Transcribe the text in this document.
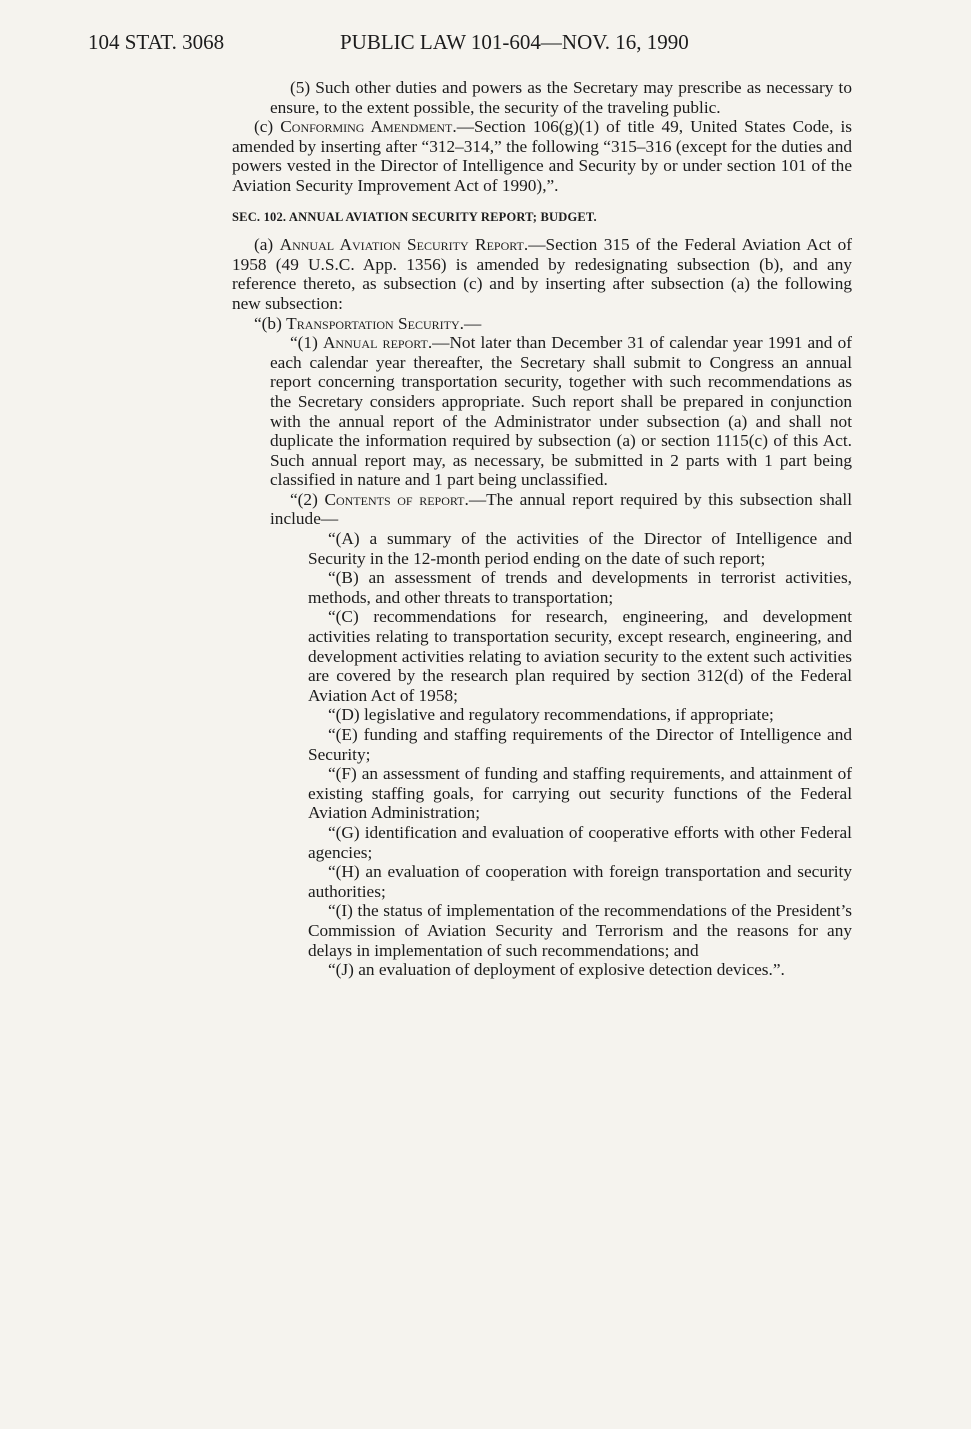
104 STAT. 3068	PUBLIC LAW 101-604—NOV. 16, 1990

(5) Such other duties and powers as the Secretary may prescribe as necessary to ensure, to the extent possible, the security of the traveling public.

(c) Conforming Amendment.—Section 106(g)(1) of title 49, United States Code, is amended by inserting after “312–314,” the following “315–316 (except for the duties and powers vested in the Director of Intelligence and Security by or under section 101 of the Aviation Security Improvement Act of 1990),”.

SEC. 102. ANNUAL AVIATION SECURITY REPORT; BUDGET.

(a) Annual Aviation Security Report.—Section 315 of the Federal Aviation Act of 1958 (49 U.S.C. App. 1356) is amended by redesignating subsection (b), and any reference thereto, as subsection (c) and by inserting after subsection (a) the following new subsection:

“(b) Transportation Security.—

“(1) Annual report.—Not later than December 31 of calendar year 1991 and of each calendar year thereafter, the Secretary shall submit to Congress an annual report concerning transportation security, together with such recommendations as the Secretary considers appropriate. Such report shall be prepared in conjunction with the annual report of the Administrator under subsection (a) and shall not duplicate the information required by subsection (a) or section 1115(c) of this Act. Such annual report may, as necessary, be submitted in 2 parts with 1 part being classified in nature and 1 part being unclassified.

“(2) Contents of report.—The annual report required by this subsection shall include—

“(A) a summary of the activities of the Director of Intelligence and Security in the 12-month period ending on the date of such report;

“(B) an assessment of trends and developments in terrorist activities, methods, and other threats to transportation;

“(C) recommendations for research, engineering, and development activities relating to transportation security, except research, engineering, and development activities relating to aviation security to the extent such activities are covered by the research plan required by section 312(d) of the Federal Aviation Act of 1958;

“(D) legislative and regulatory recommendations, if appropriate;

“(E) funding and staffing requirements of the Director of Intelligence and Security;

“(F) an assessment of funding and staffing requirements, and attainment of existing staffing goals, for carrying out security functions of the Federal Aviation Administration;

“(G) identification and evaluation of cooperative efforts with other Federal agencies;

“(H) an evaluation of cooperation with foreign transportation and security authorities;

“(I) the status of implementation of the recommendations of the President’s Commission of Aviation Security and Terrorism and the reasons for any delays in implementation of such recommendations; and

“(J) an evaluation of deployment of explosive detection devices.”.
